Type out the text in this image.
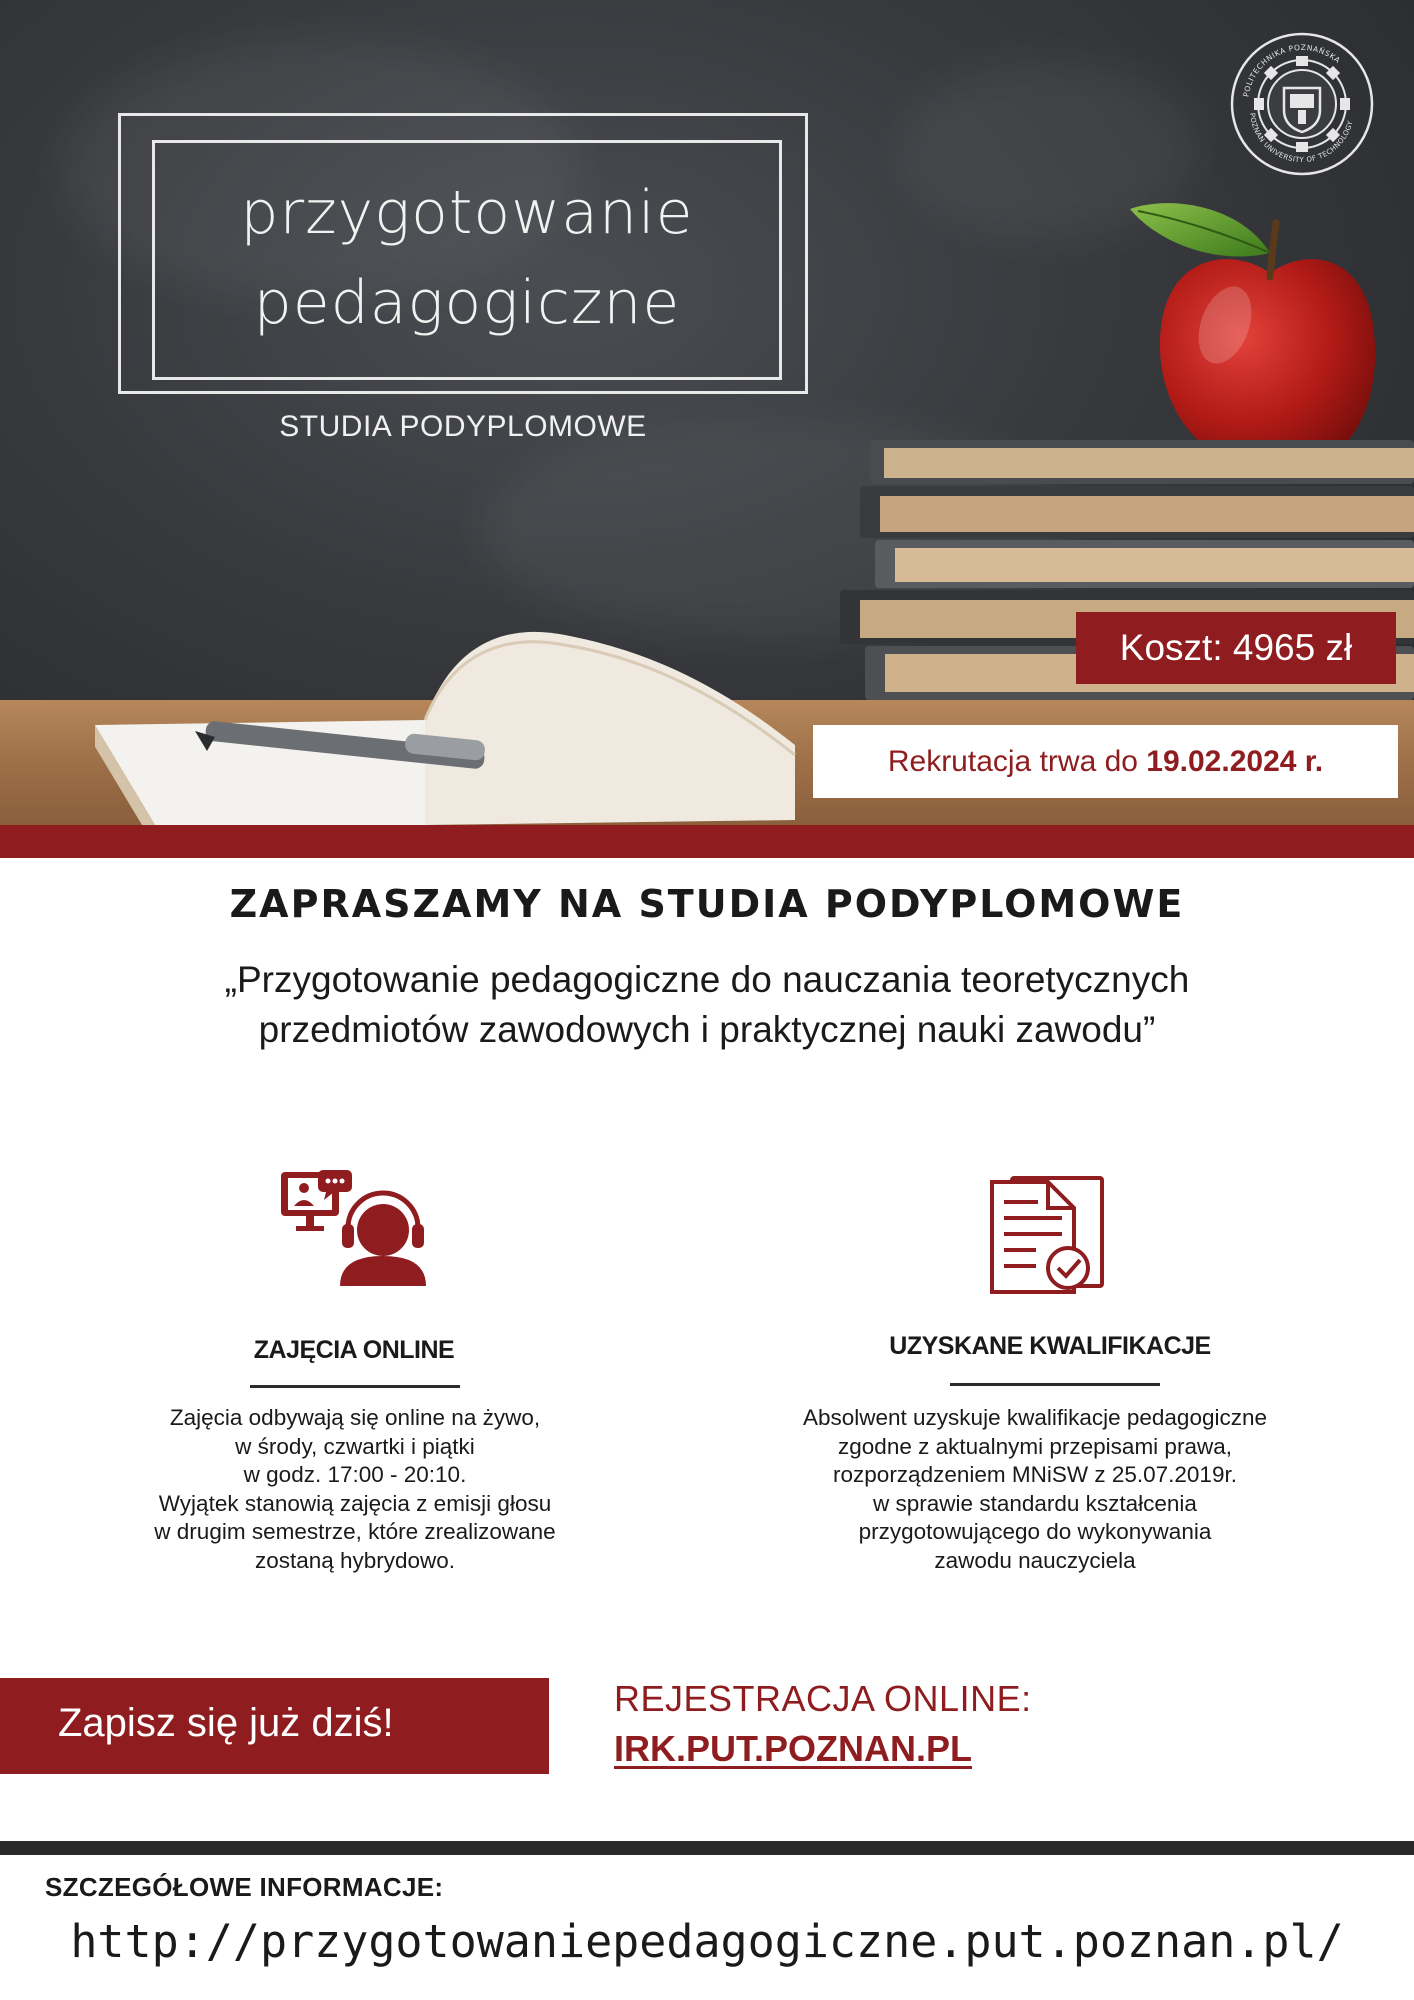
przygotowanie
pedagogiczne
STUDIA PODYPLOMOWE
POLITECHNIKA POZNAŃSKA
POZNAN UNIVERSITY OF TECHNOLOGY
Koszt: 4965 zł
Rekrutacja trwa do 19.02.2024 r.
ZAPRASZAMY NA STUDIA PODYPLOMOWE
„Przygotowanie pedagogiczne do nauczania teoretycznych
przedmiotów zawodowych i praktycznej nauki zawodu”
ZAJĘCIA ONLINE
Zajęcia odbywają się online na żywo,
w środy, czwartki i piątki
w godz. 17:00 - 20:10.
Wyjątek stanowią zajęcia z emisji głosu
w drugim semestrze, które zrealizowane
zostaną hybrydowo.
UZYSKANE KWALIFIKACJE
Absolwent uzyskuje kwalifikacje pedagogiczne
zgodne z aktualnymi przepisami prawa,
rozporządzeniem MNiSW z 25.07.2019r.
w sprawie standardu kształcenia
przygotowującego do wykonywania
zawodu nauczyciela
Zapisz się już dziś!
REJESTRACJA ONLINE:
IRK.PUT.POZNAN.PL
SZCZEGÓŁOWE INFORMACJE:
http://przygotowaniepedagogiczne.put.poznan.pl/
